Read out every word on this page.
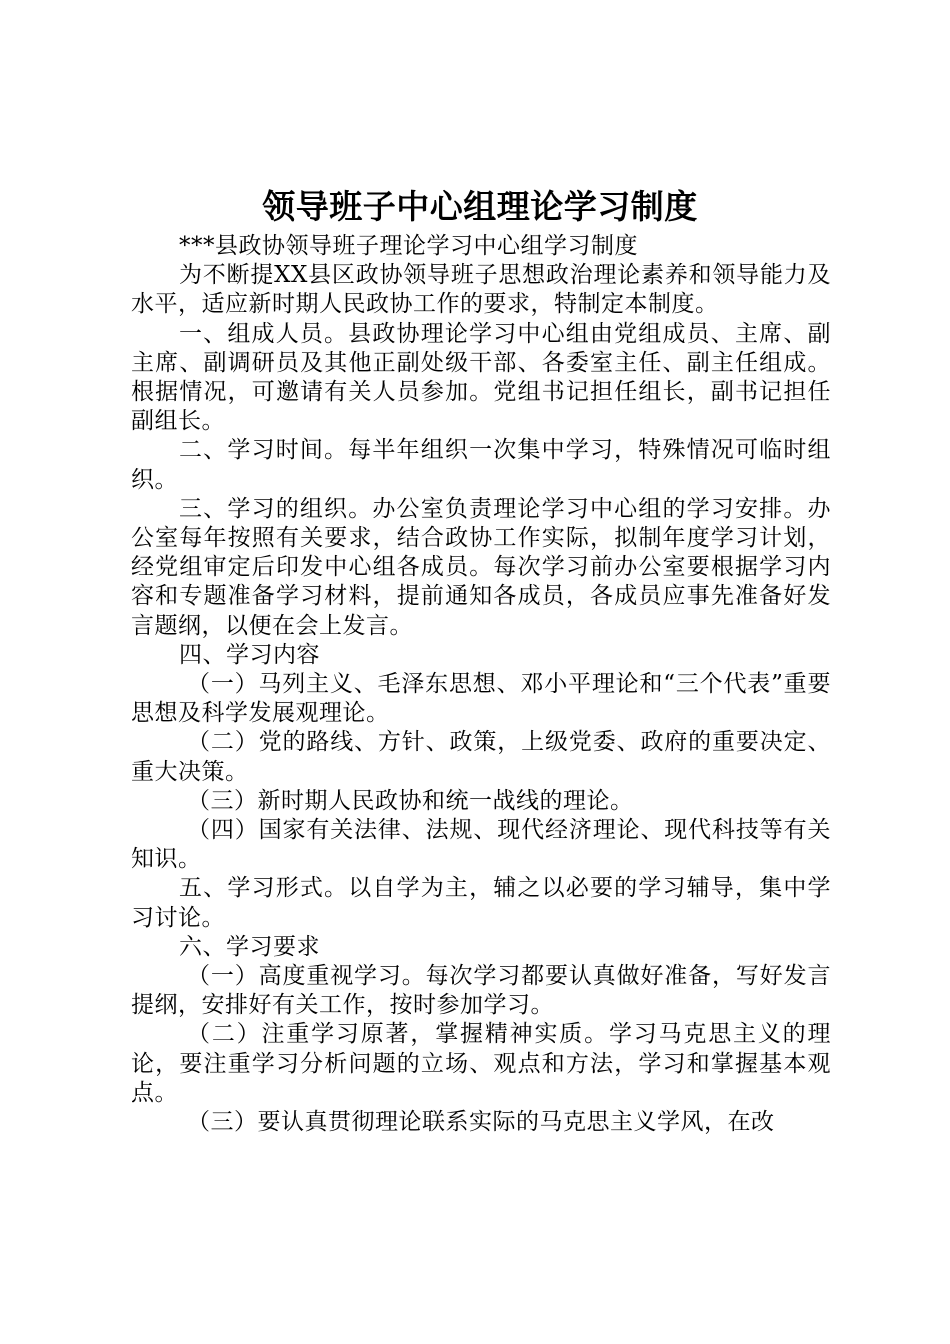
领导班子中心组理论学习制度

***县政协领导班子理论学习中心组学习制度

为不断提XX县区政协领导班子思想政治理论素养和领导能力及水平，适应新时期人民政协工作的要求，特制定本制度。

一、组成人员。县政协理论学习中心组由党组成员、主席、副主席、副调研员及其他正副处级干部、各委室主任、副主任组成。根据情况，可邀请有关人员参加。党组书记担任组长，副书记担任副组长。

二、学习时间。每半年组织一次集中学习，特殊情况可临时组织。

三、学习的组织。办公室负责理论学习中心组的学习安排。办公室每年按照有关要求，结合政协工作实际，拟制年度学习计划，经党组审定后印发中心组各成员。每次学习前办公室要根据学习内容和专题准备学习材料，提前通知各成员，各成员应事先准备好发言题纲，以便在会上发言。

四、学习内容

（一）马列主义、毛泽东思想、邓小平理论和“三个代表”重要思想及科学发展观理论。

（二）党的路线、方针、政策，上级党委、政府的重要决定、重大决策。

（三）新时期人民政协和统一战线的理论。

（四）国家有关法律、法规、现代经济理论、现代科技等有关知识。

五、学习形式。以自学为主，辅之以必要的学习辅导，集中学习讨论。

六、学习要求

（一）高度重视学习。每次学习都要认真做好准备，写好发言提纲，安排好有关工作，按时参加学习。

（二）注重学习原著，掌握精神实质。学习马克思主义的理论，要注重学习分析问题的立场、观点和方法，学习和掌握基本观点。

（三）要认真贯彻理论联系实际的马克思主义学风，在改
